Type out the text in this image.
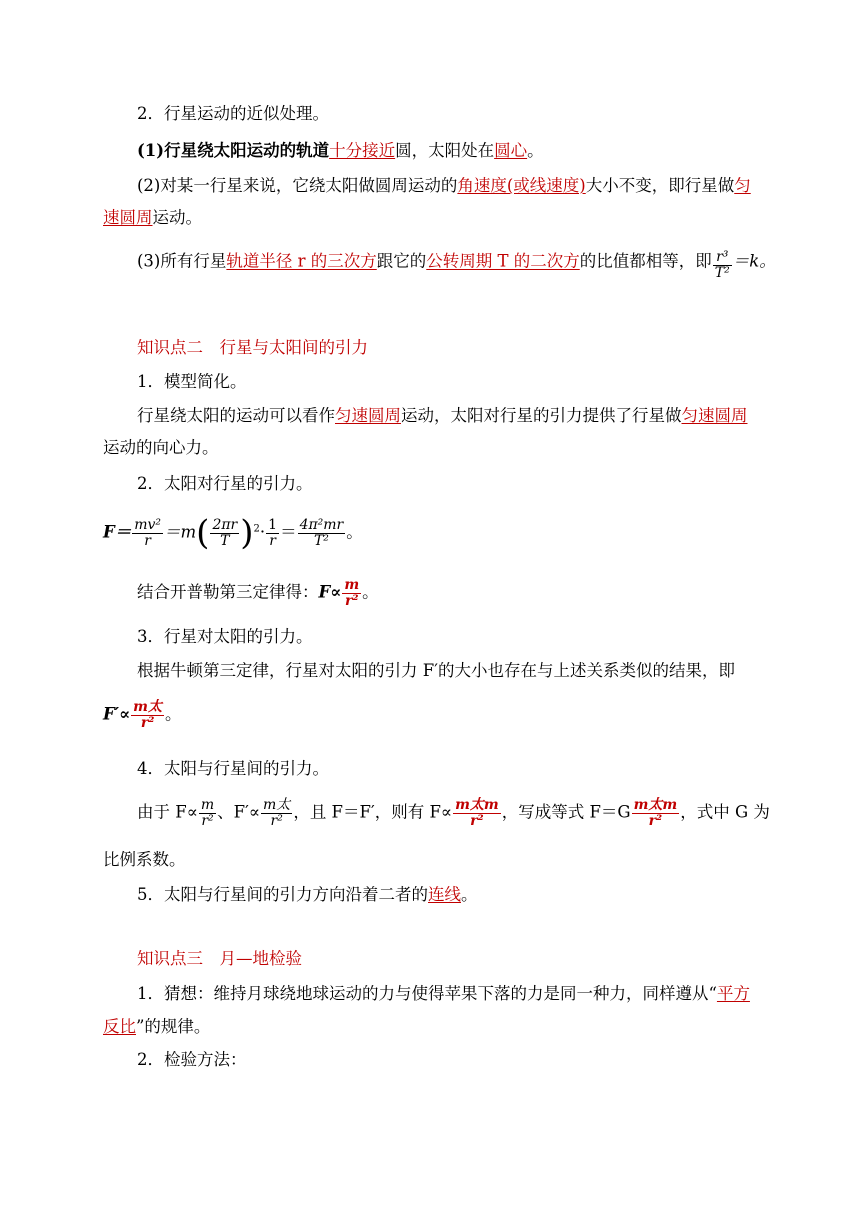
2．行星运动的近似处理。
(1)行星绕太阳运动的轨道十分接近圆，太阳处在圆心。
(2)对某一行星来说，它绕太阳做圆周运动的角速度(或线速度)大小不变，即行星做匀
速圆周运动。
(3)所有行星轨道半径 r 的三次方跟它的公转周期 T 的二次方的比值都相等，即 $\frac{\text{r³}}{\text{T²}} =k$。
知识点二　行星与太阳间的引力
1．模型简化。
行星绕太阳的运动可以看作匀速圆周运动，太阳对行星的引力提供了行星做匀速圆周
运动的向心力。
2．太阳对行星的引力。
$F= \frac{\text{mv²}}{r} =m( \frac{2\pi r}{T} )^2\cdot \frac{1}{r} = \frac{\text{4π²mr}}{\text{T²}}$ 。
结合开普勒第三定律得：$F\propto \frac{m}{\text{r²}}$ 。
3．行星对太阳的引力。
根据牛顿第三定律，行星对太阳的引力 F′的大小也存在与上述关系类似的结果，即
$F'\propto \frac{\text{m太}}{\text{r²}}$ 。
4．太阳与行星间的引力。
由于 $F\propto \frac{m}{\text{r²}}$ 、$F'\propto \frac{\text{m太}}{\text{r²}}$ ，且 F＝F′，则有 $F\propto \frac{\text{m太m}}{\text{r²}}$ ，写成等式 $F=G \frac{\text{m太m}}{\text{r²}}$ ，式中 G 为
比例系数。
5．太阳与行星间的引力方向沿着二者的连线。
知识点三　月—地检验
1．猜想：维持月球绕地球运动的力与使得苹果下落的力是同一种力，同样遵从“平方
反比”的规律。
2．检验方法：
